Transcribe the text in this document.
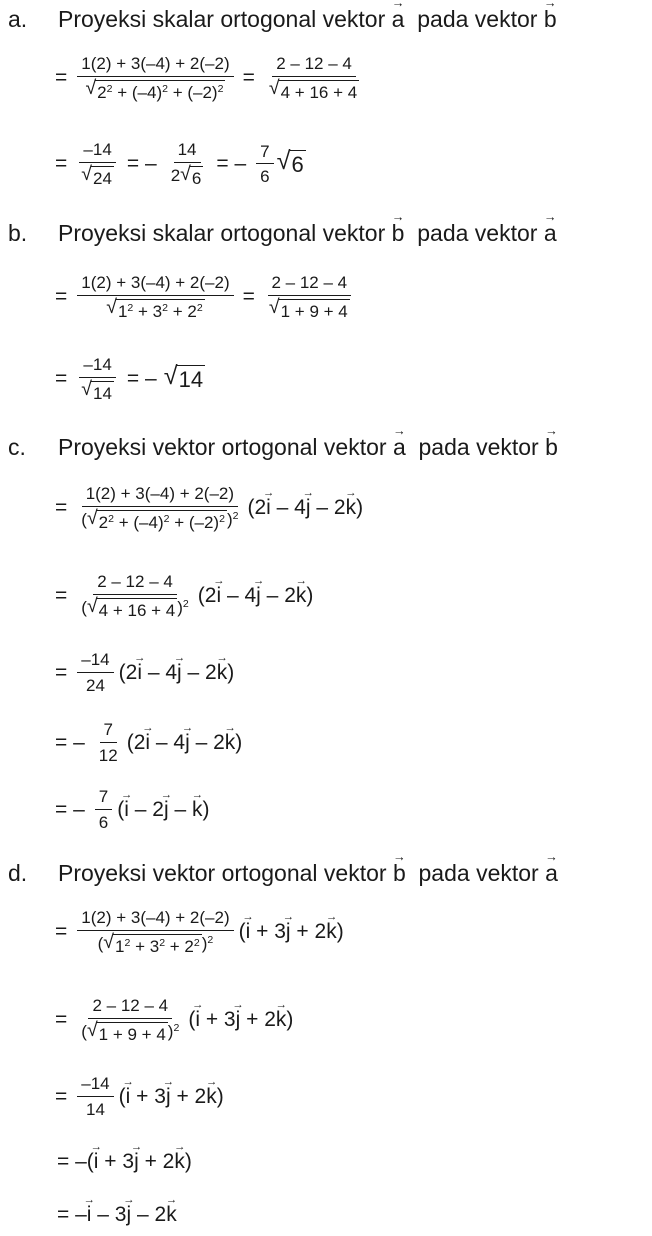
a.	Proyeksi skalar ortogonal vektor
a →
pada vektor
b →
= $\frac{1(2) + 3(-4) + 2(-2)}{√ 2^2 + (-4)^2 + (-2)^2} = \frac{2 - 12 - 4}{√ 4 + 16 + 4}$
= $\frac{-14}{√ 24}$ = – $\frac{14}{2 √ 6}$ = – $\frac{7}{6}$ √ 6
b.	Proyeksi skalar ortogonal vektor
b →
pada vektor
a →
= $\frac{1(2) + 3(-4) + 2(-2)}{√ 1^2 + 3^2 + 2^2} = \frac{2 - 12 - 4}{√ 1 + 9 + 4}$
= $\frac{-14}{√ 14}$ = – √ 14
c.	Proyeksi vektor ortogonal vektor
a →
pada vektor
b →
= $\frac{1(2) + 3(-4) + 2(-2)}{( √ 2^2 + (-4)^2 + (-2)^2 )^2} (2i$ → – 4j → – 2k →)
= $\frac{2 - 12 - 4}{( √ 4 + 16 + 4 )^2} (2i$ → – 4j → – 2k →)
= $\frac{-14}{24} (2i$ → – 4j → – 2k →)
= – $\frac{7}{12} (2i$ → – 4j → – 2k →)
= – $\frac{7}{6} (i$ → – 2j → – k →)
d.	Proyeksi vektor ortogonal vektor
b →
pada vektor
a →
= $\frac{1(2) + 3(-4) + 2(-2)}{( √ 1^2 + 3^2 + 2^2 )^2} (i$ → + 3j → + 2k →)
= $\frac{2 - 12 - 4}{( √ 1 + 9 + 4 )^2} (i$ → + 3j → + 2k →)
= $\frac{-14}{14} (i$ → + 3j → + 2k →)
= –(i → + 3j → + 2k →)
= –i → – 3j → – 2k →
